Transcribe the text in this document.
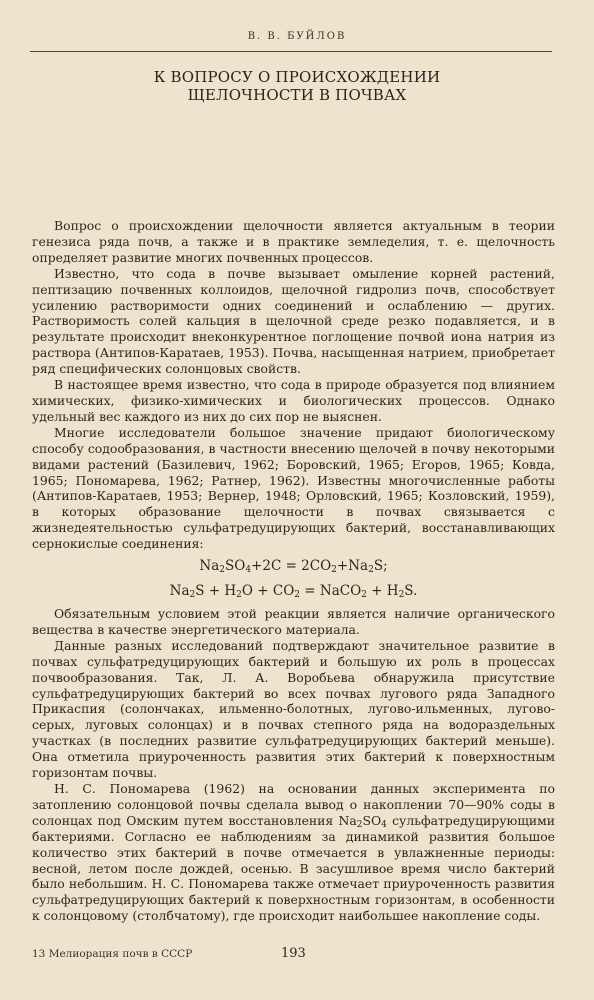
В. В. БУЙЛОВ
К ВОПРОСУ О ПРОИСХОЖДЕНИИ
ЩЕЛОЧНОСТИ В ПОЧВАХ

Вопрос о происхождении щелочности является актуальным в теории генезиса ряда почв, а также и в практике земледелия, т. е. щелочность определяет развитие многих почвенных процессов.

Известно, что сода в почве вызывает омыление корней растений, пептизацию почвенных коллоидов, щелочной гидролиз почв, способствует усилению растворимости одних соединений и ослаблению — других. Растворимость солей кальция в щелочной среде резко подавляется, и в результате происходит внеконкурентное поглощение почвой иона натрия из раствора (Антипов-Каратаев, 1953). Почва, насыщенная натрием, приобретает ряд специфических солонцовых свойств.

В настоящее время известно, что сода в природе образуется под влиянием химических, физико-химических и биологических процессов. Однако удельный вес каждого из них до сих пор не выяснен.

Многие исследователи большое значение придают биологическому способу содообразования, в частности внесению щелочей в почву некоторыми видами растений (Базилевич, 1962; Боровский, 1965; Егоров, 1965; Ковда, 1965; Пономарева, 1962; Ратнер, 1962). Известны многочисленные работы (Антипов-Каратаев, 1953; Вернер, 1948; Орловский, 1965; Козловский, 1959), в которых образование щелочности в почвах связывается с жизнедеятельностью сульфатредуцирующих бактерий, восстанавливающих сернокислые соединения:

$Na_2SO_4+2C = 2CO_2+Na_2S$;
$Na_2S + H_2O + CO_2$ = NaCO$_2$ + $H_2S$.

Обязательным условием этой реакции является наличие органического вещества в качестве энергетического материала.

Данные разных исследований подтверждают значительное развитие в почвах сульфатредуцирующих бактерий и большую их роль в процессах почвообразования. Так, Л. А. Воробьева обнаружила присутствие сульфатредуцирующих бактерий во всех почвах лугового ряда Западного Прикаспия (солончаках, ильменно-болотных, лугово-ильменных, лугово-серых, луговых солонцах) и в почвах степного ряда на водораздельных участках (в последних развитие сульфатредуцирующих бактерий меньше). Она отметила приуроченность развития этих бактерий к поверхностным горизонтам почвы.

Н. С. Пономарева (1962) на основании данных эксперимента по затоплению солонцовой почвы сделала вывод о накоплении 70—90% соды в солонцах под Омским путем восстановления $Na_2SO_4$ сульфатредуцирующими бактериями. Согласно ее наблюдениям за динамикой развития большое количество этих бактерий в почве отмечается в увлажненные периоды: весной, летом после дождей, осенью. В засушливое время число бактерий было небольшим. Н. С. Пономарева также отмечает приуроченность развития сульфатредуцирующих бактерий к поверхностным горизонтам, в особенности к солонцовому (столбчатому), где происходит наибольшее накопление соды.

13 Мелиорация почв в СССР	193
